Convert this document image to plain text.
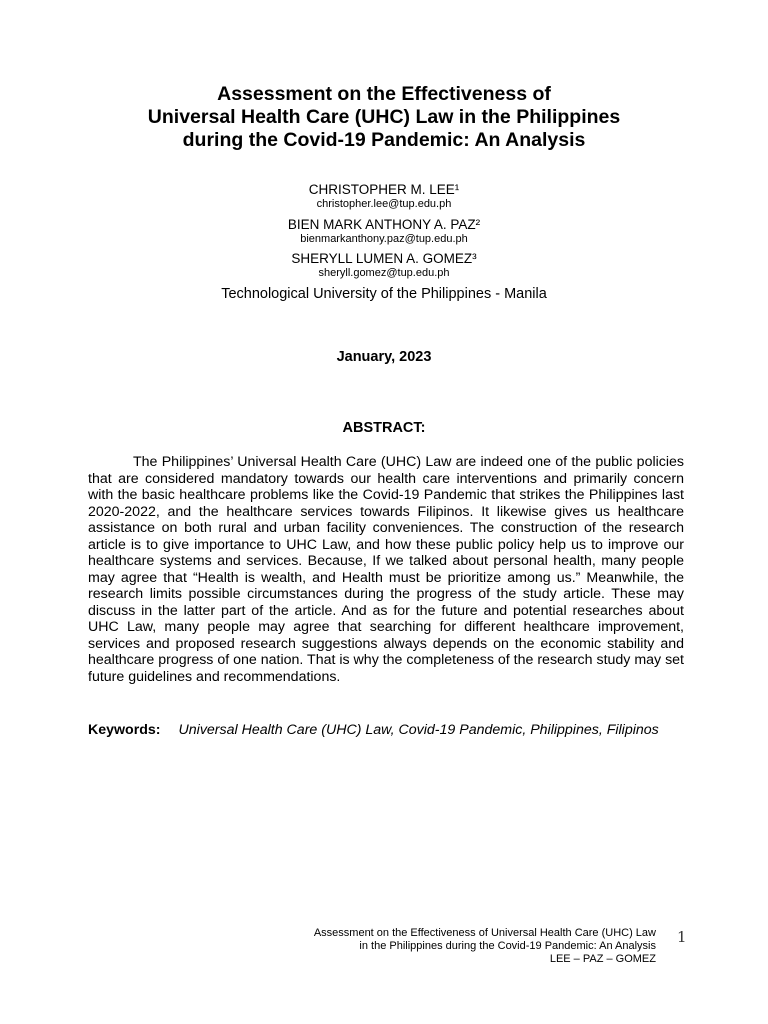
Assessment on the Effectiveness of
Universal Health Care (UHC) Law in the Philippines
during the Covid-19 Pandemic: An Analysis
CHRISTOPHER M. LEE¹
christopher.lee@tup.edu.ph
BIEN MARK ANTHONY A. PAZ²
bienmarkanthony.paz@tup.edu.ph
SHERYLL LUMEN A. GOMEZ³
sheryll.gomez@tup.edu.ph
Technological University of the Philippines - Manila
January, 2023
ABSTRACT:

The Philippines’ Universal Health Care (UHC) Law are indeed one of the public policies that are considered mandatory towards our health care interventions and primarily concern with the basic healthcare problems like the Covid-19 Pandemic that strikes the Philippines last 2020-2022, and the healthcare services towards Filipinos. It likewise gives us healthcare assistance on both rural and urban facility conveniences. The construction of the research article is to give importance to UHC Law, and how these public policy help us to improve our healthcare systems and services. Because, If we talked about personal health, many people may agree that “Health is wealth, and Health must be prioritize among us.” Meanwhile, the research limits possible circumstances during the progress of the study article. These may discuss in the latter part of the article. And as for the future and potential researches about UHC Law, many people may agree that searching for different healthcare improvement, services and proposed research suggestions always depends on the economic stability and healthcare progress of one nation. That is why the completeness of the research study may set future guidelines and recommendations.

Keywords: Universal Health Care (UHC) Law, Covid-19 Pandemic, Philippines, Filipinos

Assessment on the Effectiveness of Universal Health Care (UHC) Law
in the Philippines during the Covid-19 Pandemic: An Analysis
LEE – PAZ – GOMEZ
1
